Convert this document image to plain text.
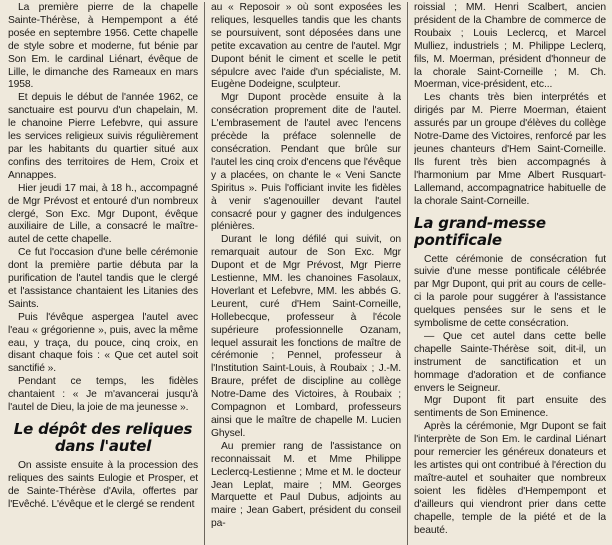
La première pierre de la chapelle Sainte-Thérèse, à Hempempont a été posée en septembre 1956. Cette chapelle de style sobre et moderne, fut bénie par Son Em. le cardinal Liénart, évêque de Lille, le dimanche des Rameaux en mars 1958.

Et depuis le début de l'année 1962, ce sanctuaire est pourvu d'un chapelain, M. le chanoine Pierre Lefebvre, qui assure les services religieux suivis régulièrement par les habitants du quartier situé aux confins des territoires de Hem, Croix et Annappes.

Hier jeudi 17 mai, à 18 h., accompagné de Mgr Prévost et entouré d'un nombreux clergé, Son Exc. Mgr Dupont, évêque auxiliaire de Lille, a consacré le maître-autel de cette chapelle.

Ce fut l'occasion d'une belle cérémonie dont la première partie débuta par la purification de l'autel tandis que le clergé et l'assistance chantaient les Litanies des Saints.

Puis l'évêque aspergea l'autel avec l'eau « grégorienne », puis, avec la même eau, y traça, du pouce, cinq croix, en disant chaque fois : « Que cet autel soit sanctifié ».

Pendant ce temps, les fidèles chantaient : « Je m'avancerai jusqu'à l'autel de Dieu, la joie de ma jeunesse ».

Le dépôt des reliques
dans l'autel

On assiste ensuite à la procession des reliques des saints Eulogie et Prosper, et de Sainte-Thérèse d'Avila, offertes par l'Evêché. L'évêque et le clergé se rendent

au « Reposoir » où sont exposées les reliques, lesquelles tandis que les chants se poursuivent, sont déposées dans une petite excavation au centre de l'autel. Mgr Dupont bénit le ciment et scelle le petit sépulcre avec l'aide d'un spécialiste, M. Eugène Dodeigne, sculpteur.

Mgr Dupont procède ensuite à la consécration proprement dite de l'autel. L'embrasement de l'autel avec l'encens précède la préface solennelle de consécration. Pendant que brûle sur l'autel les cinq croix d'encens que l'évêque y a placées, on chante le « Veni Sancte Spiritus ». Puis l'officiant invite les fidèles à venir s'agenouiller devant l'autel consacré pour y gagner des indulgences plénières.

Durant le long défilé qui suivit, on remarquait autour de Son Exc. Mgr Dupont et de Mgr Prévost, Mgr Pierre Lestienne, MM. les chanoines Fasolaux, Hoverlant et Lefebvre, MM. les abbés G. Leurent, curé d'Hem Saint-Corneille, Hollebecque, professeur à l'école supérieure professionnelle Ozanam, lequel assurait les fonctions de maître de cérémonie ; Pennel, professeur à l'Institution Saint-Louis, à Roubaix ; J.-M. Braure, préfet de discipline au collège Notre-Dame des Victoires, à Roubaix ; Compagnon et Lombard, professeurs ainsi que le maître de chapelle M. Lucien Ghysel.

Au premier rang de l'assistance on reconnaissait M. et Mme Philippe Leclercq-Lestienne ; Mme et M. le docteur Jean Leplat, maire ; MM. Georges Marquette et Paul Dubus, adjoints au maire ; Jean Gabert, président du conseil pa-

roissial ; MM. Henri Scalbert, ancien président de la Chambre de commerce de Roubaix ; Louis Leclercq, et Marcel Mulliez, industriels ; M. Philippe Leclerq, fils, M. Moerman, président d'honneur de la chorale Saint-Corneille ; M. Ch. Moerman, vice-président, etc...

Les chants très bien interprétés et dirigés par M. Pierre Moerman, étaient assurés par un groupe d'élèves du collège Notre-Dame des Victoires, renforcé par les jeunes chanteurs d'Hem Saint-Corneille. Ils furent très bien accompagnés à l'harmonium par Mme Albert Rusquart-Lallemand, accompagnatrice habituelle de la chorale Saint-Corneille.

La grand-messe pontificale

Cette cérémonie de consécration fut suivie d'une messe pontificale célébrée par Mgr Dupont, qui prit au cours de celle-ci la parole pour suggérer à l'assistance quelques pensées sur le sens et le symbolisme de cette consécration.

— Que cet autel dans cette belle chapelle Sainte-Thérèse soit, dit-il, un instrument de sanctification et un hommage d'adoration et de confiance envers le Seigneur.

Mgr Dupont fit part ensuite des sentiments de Son Eminence.

Après la cérémonie, Mgr Dupont se fait l'interprète de Son Em. le cardinal Liénart pour remercier les généreux donateurs et les artistes qui ont contribué à l'érection du maître-autel et souhaiter que nombreux soient les fidèles d'Hempempont et d'ailleurs qui viendront prier dans cette chapelle, temple de la piété et de la beauté.
